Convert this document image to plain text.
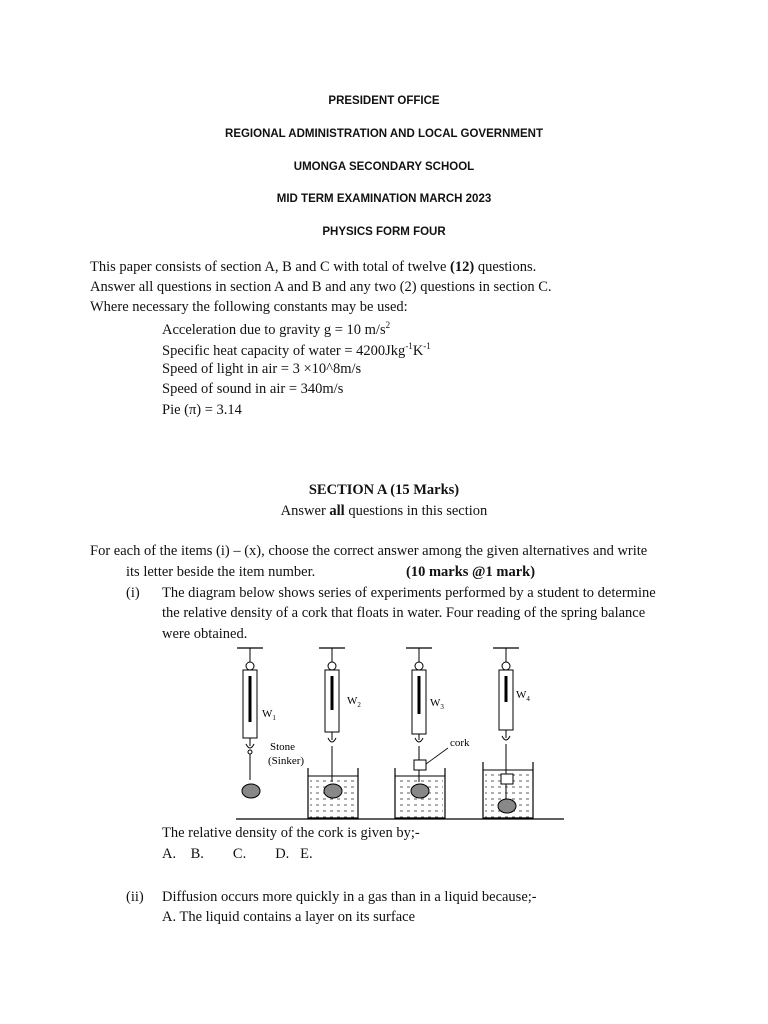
PRESIDENT OFFICE
REGIONAL ADMINISTRATION AND LOCAL GOVERNMENT
UMONGA SECONDARY SCHOOL
MID TERM EXAMINATION MARCH 2023
PHYSICS FORM FOUR
This paper consists of section A, B and C with total of twelve (12) questions.
Answer all questions in section A and B and any two (2) questions in section C.
Where necessary the following constants may be used:
Acceleration due to gravity g = 10 $m/s^2$
Specific heat capacity of water = $4200Jkg^{-1}K^{-1}$
Speed of light in air = 3 ×10^8m/s
Speed of sound in air = 340m/s
Pie (π) = 3.14
SECTION A (15 Marks)
Answer all questions in this section
For each of the items (i) – (x), choose the correct answer among the given alternatives and write
its letter beside the item number.	(10 marks @1 mark)
(i) The diagram below shows series of experiments performed by a student to determine
the relative density of a cork that floats in water. Four reading of the spring balance
were obtained.
$W_1$
$W_2$	$W_3$
$W_4$
Stone
(Sinker)
cork
The relative density of the cork is given by;-
A.    B.        C.        D.   E.
(ii) Diffusion occurs more quickly in a gas than in a liquid because;-
A. The liquid contains a layer on its surface
